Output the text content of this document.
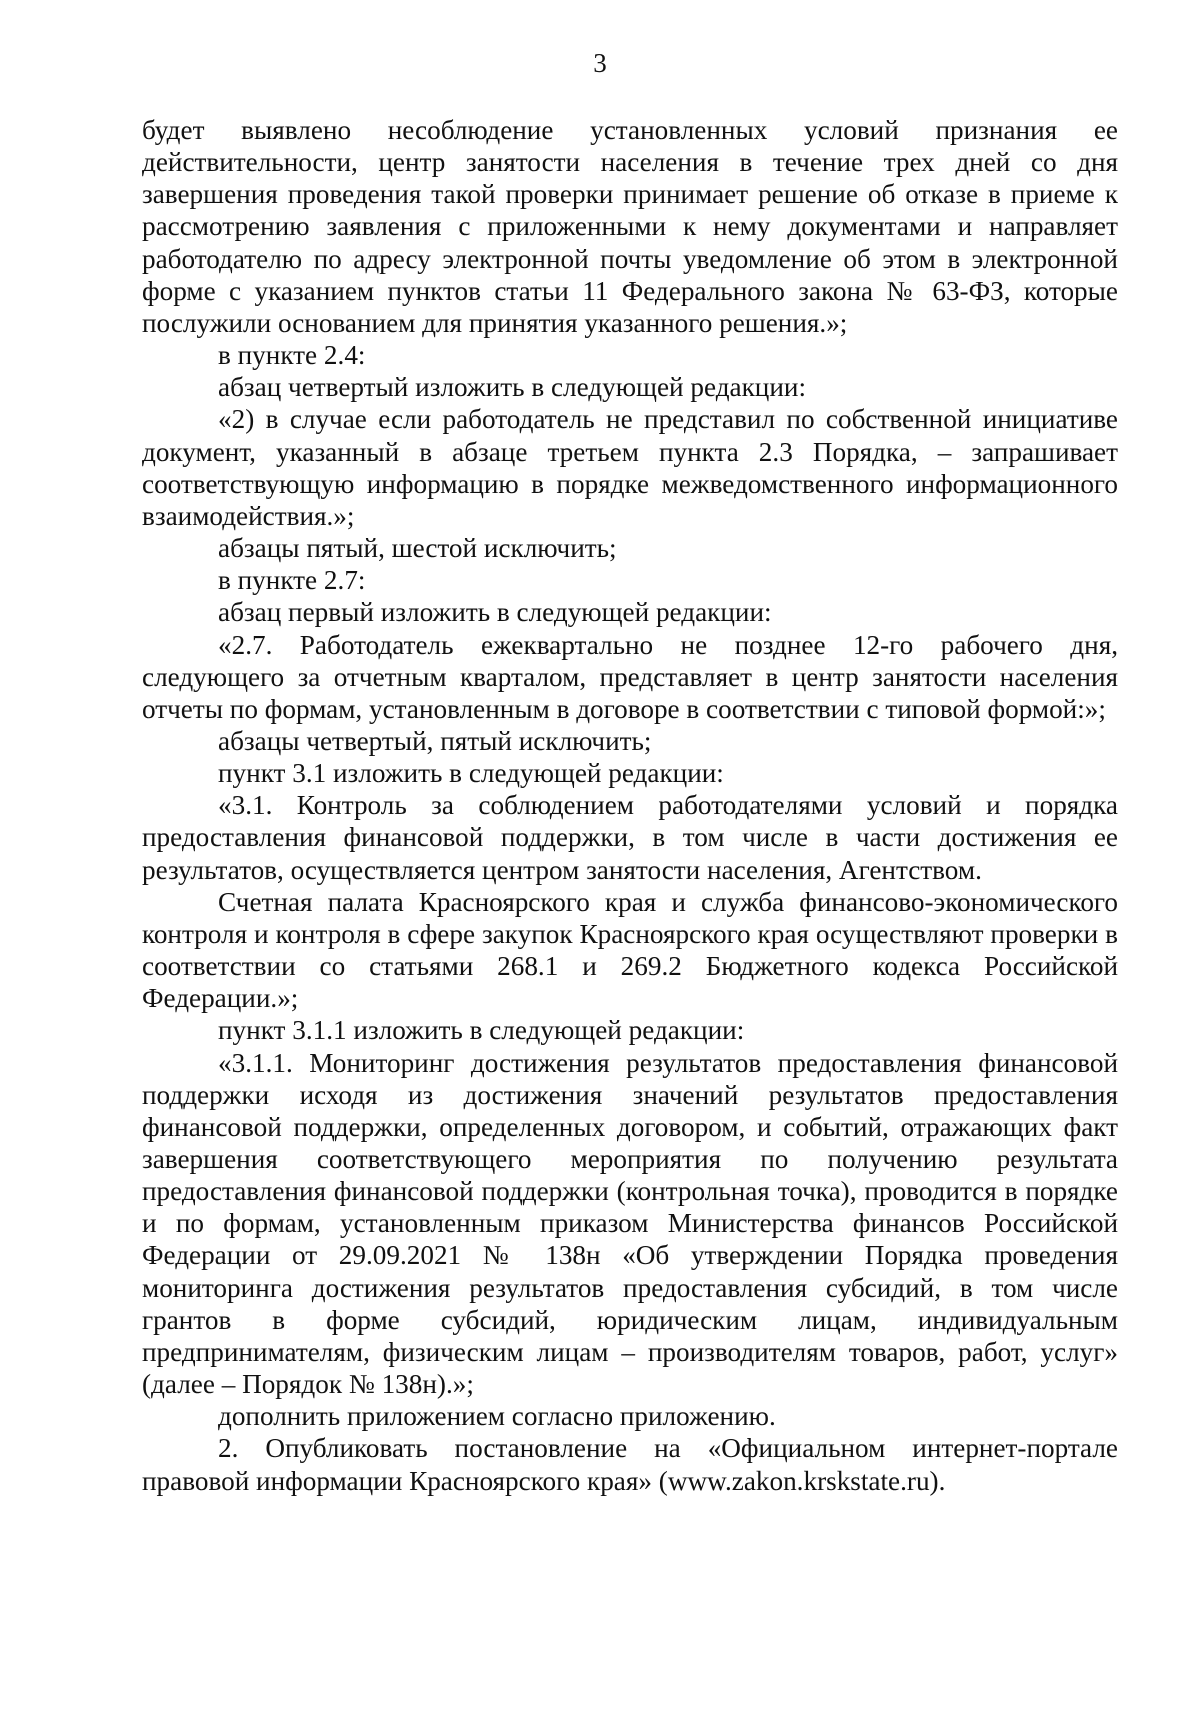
3

будет выявлено несоблюдение установленных условий признания ее действительности, центр занятости населения в течение трех дней со дня завершения проведения такой проверки принимает решение об отказе в приеме к рассмотрению заявления с приложенными к нему документами и направляет работодателю по адресу электронной почты уведомление об этом в электронной форме с указанием пунктов статьи 11 Федерального закона № 63-ФЗ, которые послужили основанием для принятия указанного решения.»;

в пункте 2.4:

абзац четвертый изложить в следующей редакции:

«2) в случае если работодатель не представил по собственной инициативе документ, указанный в абзаце третьем пункта 2.3 Порядка, – запрашивает соответствующую информацию в порядке межведомственного информационного взаимодействия.»;

абзацы пятый, шестой исключить;

в пункте 2.7:

абзац первый изложить в следующей редакции:

«2.7. Работодатель ежеквартально не позднее 12-го рабочего дня, следующего за отчетным кварталом, представляет в центр занятости населения отчеты по формам, установленным в договоре в соответствии с типовой формой:»;

абзацы четвертый, пятый исключить;

пункт 3.1 изложить в следующей редакции:

«3.1. Контроль за соблюдением работодателями условий и порядка предоставления финансовой поддержки, в том числе в части достижения ее результатов, осуществляется центром занятости населения, Агентством.

Счетная палата Красноярского края и служба финансово-экономического контроля и контроля в сфере закупок Красноярского края осуществляют проверки в соответствии со статьями 268.1 и 269.2 Бюджетного кодекса Российской Федерации.»;

пункт 3.1.1 изложить в следующей редакции:

«3.1.1. Мониторинг достижения результатов предоставления финансовой поддержки исходя из достижения значений результатов предоставления финансовой поддержки, определенных договором, и событий, отражающих факт завершения соответствующего мероприятия по получению результата предоставления финансовой поддержки (контрольная точка), проводится в порядке и по формам, установленным приказом Министерства финансов Российской Федерации от 29.09.2021 № 138н «Об утверждении Порядка проведения мониторинга достижения результатов предоставления субсидий, в том числе грантов в форме субсидий, юридическим лицам, индивидуальным предпринимателям, физическим лицам – производителям товаров, работ, услуг» (далее – Порядок № 138н).»;

дополнить приложением согласно приложению.

2. Опубликовать постановление на «Официальном интернет-портале правовой информации Красноярского края» (www.zakon.krskstate.ru).
